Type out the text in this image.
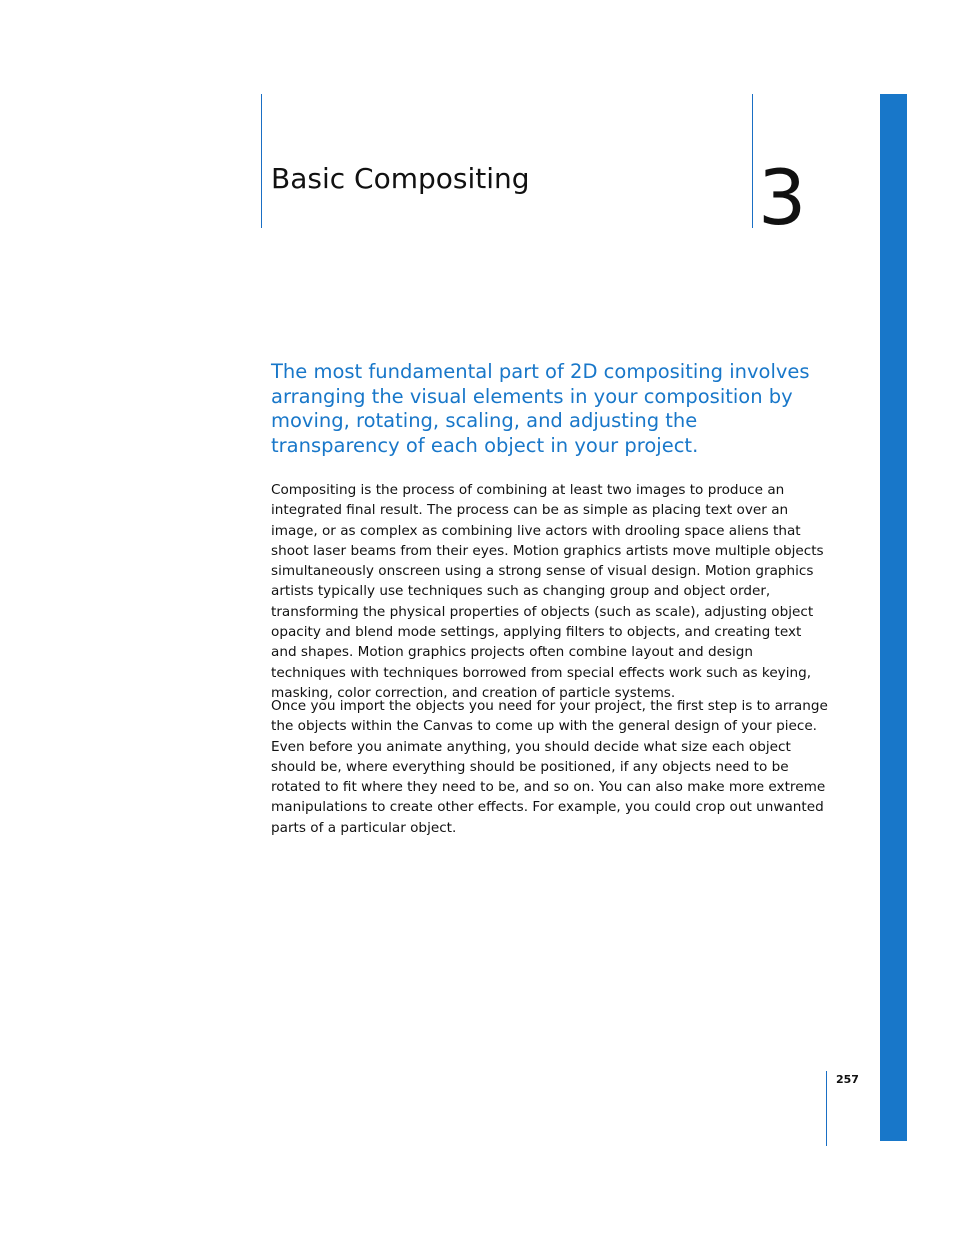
Basic Compositing	3

The most fundamental part of 2D compositing involves arranging the visual elements in your composition by moving, rotating, scaling, and adjusting the transparency of each object in your project.

Compositing is the process of combining at least two images to produce an integrated final result. The process can be as simple as placing text over an image, or as complex as combining live actors with drooling space aliens that shoot laser beams from their eyes. Motion graphics artists move multiple objects simultaneously onscreen using a strong sense of visual design. Motion graphics artists typically use techniques such as changing group and object order, transforming the physical properties of objects (such as scale), adjusting object opacity and blend mode settings, applying filters to objects, and creating text and shapes. Motion graphics projects often combine layout and design techniques with techniques borrowed from special effects work such as keying, masking, color correction, and creation of particle systems.

Once you import the objects you need for your project, the first step is to arrange the objects within the Canvas to come up with the general design of your piece. Even before you animate anything, you should decide what size each object should be, where everything should be positioned, if any objects need to be rotated to fit where they need to be, and so on. You can also make more extreme manipulations to create other effects. For example, you could crop out unwanted parts of a particular object.

257
